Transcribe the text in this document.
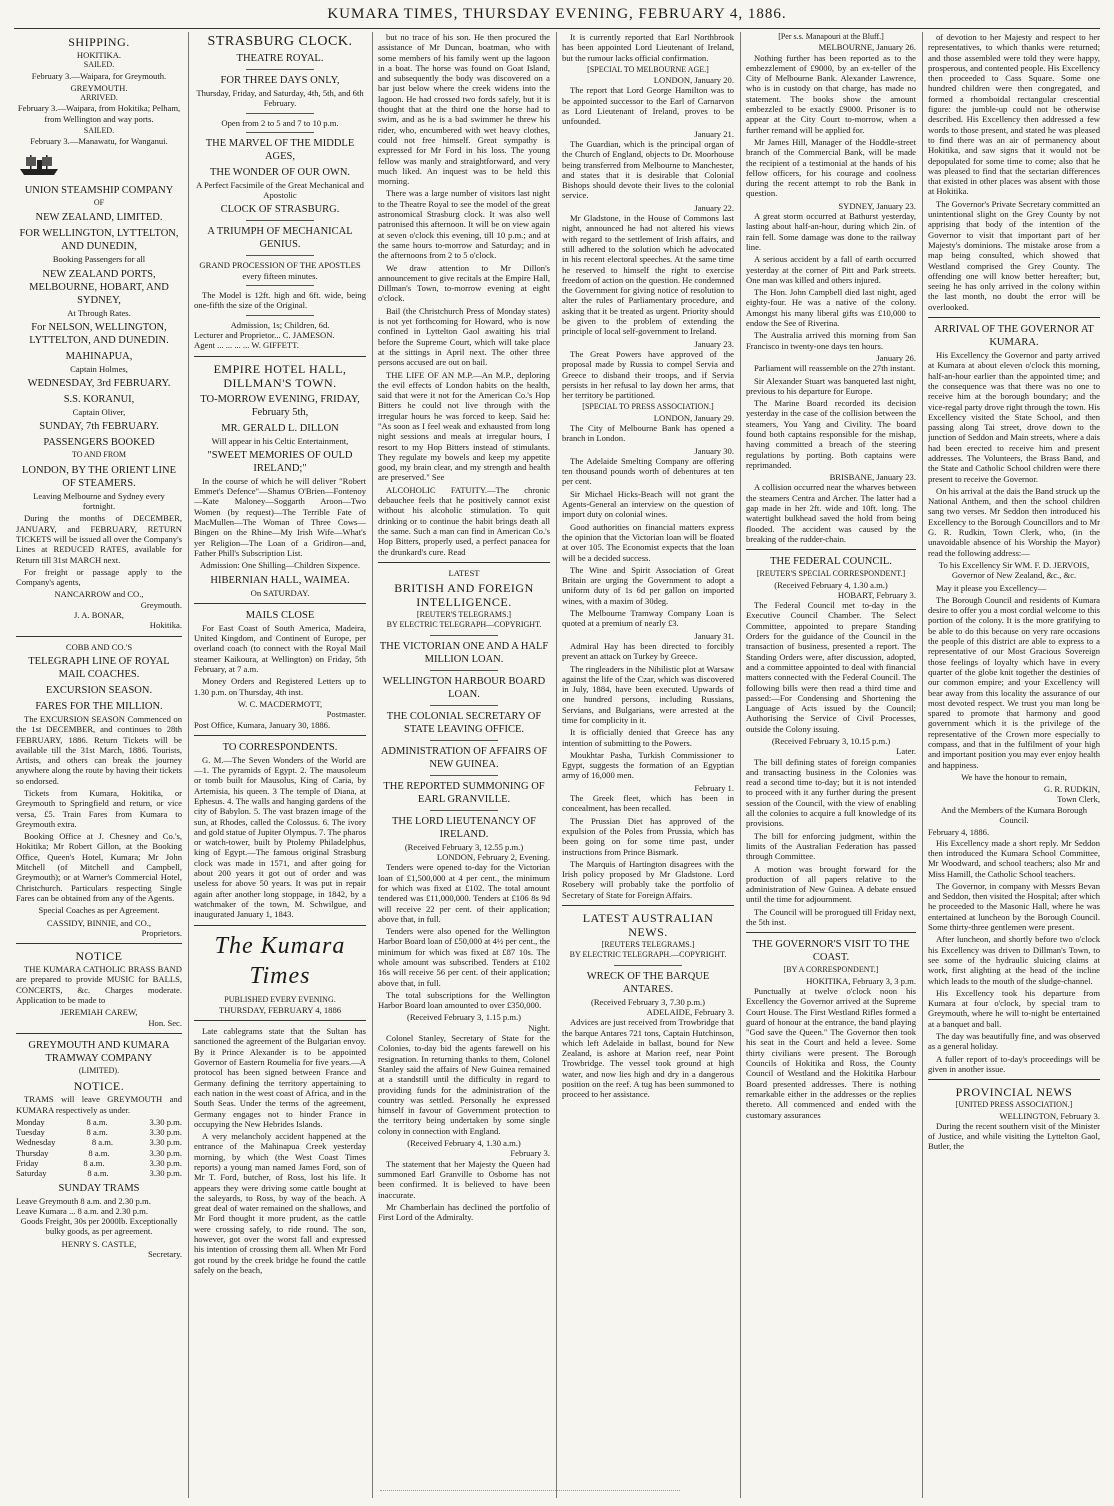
KUMARA TIMES, THURSDAY EVENING, FEBRUARY 4, 1886.
SHIPPING.
HOKITIKA.
SAILED.

February 3.—Waipara, for Greymouth.

GREYMOUTH.
ARRIVED.

February 3.—Waipara, from Hokitika; Pelham, from Wellington and way ports.

SAILED.

February 3.—Manawatu, for Wanganui.

UNION STEAMSHIP COMPANY
OF
NEW ZEALAND, LIMITED.
FOR WELLINGTON, LYTTELTON, AND DUNEDIN,
Booking Passengers for all
NEW ZEALAND PORTS, MELBOURNE, HOBART, AND SYDNEY,
At Through Rates.
For NELSON, WELLINGTON, LYTTELTON, AND DUNEDIN.
MAHINAPUA,
Captain Holmes,
WEDNESDAY, 3rd FEBRUARY.
S.S. KORANUI,
Captain Oliver,
SUNDAY, 7th FEBRUARY.
PASSENGERS BOOKED
TO AND FROM
LONDON, BY THE ORIENT LINE OF STEAMERS.

Leaving Melbourne and Sydney every fortnight.

During the months of DECEMBER, JANUARY, and FEBRUARY, RETURN TICKETS will be issued all over the Company's Lines at REDUCED RATES, available for Return till 31st MARCH next.

For freight or passage apply to the Company's agents,

NANCARROW and CO.,
Greymouth.
J. A. BONAR,
Hokitika.
COBB AND CO.'S
TELEGRAPH LINE OF ROYAL MAIL COACHES.
EXCURSION SEASON.
FARES FOR THE MILLION.

The EXCURSION SEASON Commenced on the 1st DECEMBER, and continues to 28th FEBRUARY, 1886. Return Tickets will be available till the 31st March, 1886. Tourists, Artists, and others can break the journey anywhere along the route by having their tickets so endorsed.

Tickets from Kumara, Hokitika, or Greymouth to Springfield and return, or vice versa, £5. Train Fares from Kumara to Greymouth extra.

Booking Office at J. Chesney and Co.'s, Hokitika; Mr Robert Gillon, at the Booking Office, Queen's Hotel, Kumara; Mr John Mitchell (of Mitchell and Campbell, Greymouth); or at Warner's Commercial Hotel, Christchurch. Particulars respecting Single Fares can be obtained from any of the Agents.

Special Coaches as per Agreement.

CASSIDY, BINNIE, and CO.,
Proprietors.
NOTICE

THE KUMARA CATHOLIC BRASS BAND are prepared to provide MUSIC for BALLS, CONCERTS, &c. Charges moderate. Application to be made to

JEREMIAH CAREW,
Hon. Sec.
GREYMOUTH AND KUMARA TRAMWAY COMPANY
(LIMITED).
NOTICE.

TRAMS will leave GREYMOUTH and KUMARA respectively as under.

Monday	8 a.m.	3.30 p.m.
Tuesday	8 a.m.	3.30 p.m.
Wednesday	8 a.m.	3.30 p.m.
Thursday	8 a.m.	3.30 p.m.
Friday	8 a.m.	3.30 p.m.
Saturday	8 a.m.	3.30 p.m.
SUNDAY TRAMS
Leave Greymouth 8 a.m. and 2.30 p.m.
Leave Kumara ... 8 a.m. and 2.30 p.m.

Goods Freight, 30s per 2000lb. Exceptionally bulky goods, as per agreement.

HENRY S. CASTLE,
Secretary.
STRASBURG CLOCK.
THEATRE ROYAL.
FOR THREE DAYS ONLY,

Thursday, Friday, and Saturday, 4th, 5th, and 6th February.

Open from 2 to 5 and 7 to 10 p.m.
THE MARVEL OF THE MIDDLE AGES,
THE WONDER OF OUR OWN.

A Perfect Facsimile of the Great Mechanical and Apostolic

CLOCK OF STRASBURG.
A TRIUMPH OF MECHANICAL GENIUS.

GRAND PROCESSION OF THE APOSTLES every fifteen minutes.

The Model is 12ft. high and 6ft. wide, being one-fifth the size of the Original.

Admission, 1s; Children, 6d.
Lecturer and Proprietor... C. JAMESON.
Agent ... ... ... ... W. GIFFETT.
EMPIRE HOTEL HALL, DILLMAN'S TOWN.
TO-MORROW EVENING, FRIDAY, February 5th,
MR. GERALD L. DILLON

Will appear in his Celtic Entertainment,

"SWEET MEMORIES OF OULD IRELAND;"

In the course of which he will deliver "Robert Emmet's Defence"—Shamus O'Brien—Fontenoy—Kate Maloney—Soggarth Aroon—Two Women (by request)—The Terrible Fate of MacMullen—The Woman of Three Cows—Bingen on the Rhine—My Irish Wife—What's yer Religion—The Loan of a Gridiron—and, Father Phill's Subscription List.

Admission: One Shilling—Children Sixpence.

HIBERNIAN HALL, WAIMEA.
On SATURDAY.
MAILS CLOSE

For East Coast of South America, Madeira, United Kingdom, and Continent of Europe, per overland coach (to connect with the Royal Mail steamer Kaikoura, at Wellington) on Friday, 5th February, at 7 a.m.

Money Orders and Registered Letters up to 1.30 p.m. on Thursday, 4th inst.

W. C. MACDERMOTT,
Postmaster.
Post Office, Kumara, January 30, 1886.
TO CORRESPONDENTS.

G. M.—The Seven Wonders of the World are—1. The pyramids of Egypt. 2. The mausoleum or tomb built for Mausolus, King of Caria, by Artemisia, his queen. 3 The temple of Diana, at Ephesus. 4. The walls and hanging gardens of the city of Babylon. 5. The vast brazen image of the sun, at Rhodes, called the Colossus. 6. The ivory and gold statue of Jupiter Olympus. 7. The pharos or watch-tower, built by Ptolemy Philadelphus, king of Egypt.—The famous original Strasburg clock was made in 1571, and after going for about 200 years it got out of order and was useless for above 50 years. It was put in repair again after another long stoppage, in 1842, by a watchmaker of the town, M. Schwilgue, and inaugurated January 1, 1843.

The Kumara Times
PUBLISHED EVERY EVENING.
THURSDAY, FEBRUARY 4, 1886

Late cablegrams state that the Sultan has sanctioned the agreement of the Bulgarian envoy. By it Prince Alexander is to be appointed Governor of Eastern Roumelia for five years.—A protocol has been signed between France and Germany defining the territory appertaining to each nation in the west coast of Africa, and in the South Seas. Under the terms of the agreement, Germany engages not to hinder France in occupying the New Hebrides Islands.

A very melancholy accident happened at the entrance of the Mahinapua Creek yesterday morning, by which (the West Coast Times reports) a young man named James Ford, son of Mr T. Ford, butcher, of Ross, lost his life. It appears they were driving some cattle bought at the saleyards, to Ross, by way of the beach. A great deal of water remained on the shallows, and Mr Ford thought it more prudent, as the cattle were crossing safely, to ride round. The son, however, got over the worst fall and expressed his intention of crossing them all. When Mr Ford got round by the creek bridge he found the cattle safely on the beach,

but no trace of his son. He then procured the assistance of Mr Duncan, boatman, who with some members of his family went up the lagoon in a boat. The horse was found on Goat Island, and subsequently the body was discovered on a bar just below where the creek widens into the lagoon. He had crossed two fords safely, but it is thought that at the third one the horse had to swim, and as he is a bad swimmer he threw his rider, who, encumbered with wet heavy clothes, could not free himself. Great sympathy is expressed for Mr Ford in his loss. The young fellow was manly and straightforward, and very much liked. An inquest was to be held this morning.

There was a large number of visitors last night to the Theatre Royal to see the model of the great astronomical Strasburg clock. It was also well patronised this afternoon. It will be on view again at seven o'clock this evening, till 10 p.m.; and at the same hours to-morrow and Saturday; and in the afternoons from 2 to 5 o'clock.

We draw attention to Mr Dillon's announcement to give recitals at the Empire Hall, Dillman's Town, to-morrow evening at eight o'clock.

Bail (the Christchurch Press of Monday states) is not yet forthcoming for Howard, who is now confined in Lyttelton Gaol awaiting his trial before the Supreme Court, which will take place at the sittings in April next. The other three persons accused are out on bail.

THE LIFE OF AN M.P.—An M.P., deploring the evil effects of London habits on the health, said that were it not for the American Co.'s Hop Bitters he could not live through with the irregular hours he was forced to keep. Said he: "As soon as I feel weak and exhausted from long night sessions and meals at irregular hours, I resort to my Hop Bitters instead of stimulants. They regulate my bowels and keep my appetite good, my brain clear, and my strength and health are preserved." See

ALCOHOLIC FATUITY.—The chronic debauchee feels that he positively cannot exist without his alcoholic stimulation. To quit drinking or to continue the habit brings death all the same. Such a man can find in American Co.'s Hop Bitters, properly used, a perfect panacea for the drunkard's cure. Read

LATEST
BRITISH AND FOREIGN INTELLIGENCE.
[REUTER'S TELEGRAMS.]
BY ELECTRIC TELEGRAPH—COPYRIGHT.
THE VICTORIAN ONE AND A HALF MILLION LOAN.
WELLINGTON HARBOUR BOARD LOAN.
THE COLONIAL SECRETARY OF STATE LEAVING OFFICE.
ADMINISTRATION OF AFFAIRS OF NEW GUINEA.
THE REPORTED SUMMONING OF EARL GRANVILLE.
THE LORD LIEUTENANCY OF IRELAND.
(Received February 3, 12.55 p.m.)
LONDON, February 2, Evening.

Tenders were opened to-day for the Victorian loan of £1,500,000 at 4 per cent., the minimum for which was fixed at £102. The total amount tendered was £11,000,000. Tenders at £106 8s 9d will receive 22 per cent. of their application; above that, in full.

Tenders were also opened for the Wellington Harbor Board loan of £50,000 at 4½ per cent., the minimum for which was fixed at £87 10s. The whole amount was subscribed. Tenders at £102 16s will receive 56 per cent. of their application; above that, in full.

The total subscriptions for the Wellington Harbor Board loan amounted to over £350,000.

(Received February 3, 1.15 p.m.)
Night.

Colonel Stanley, Secretary of State for the Colonies, to-day bid the agents farewell on his resignation. In returning thanks to them, Colonel Stanley said the affairs of New Guinea remained at a standstill until the difficulty in regard to providing funds for the administration of the country was settled. Personally he expressed himself in favour of Government protection to the territory being undertaken by some single colony in connection with England.

(Received February 4, 1.30 a.m.)
February 3.

The statement that her Majesty the Queen had summoned Earl Granville to Osborne has not been confirmed. It is believed to have been inaccurate.

Mr Chamberlain has declined the portfolio of First Lord of the Admiralty.

It is currently reported that Earl Northbrook has been appointed Lord Lieutenant of Ireland, but the rumour lacks official confirmation.

[SPECIAL TO MELBOURNE AGE.]
LONDON, January 20.

The report that Lord George Hamilton was to be appointed successor to the Earl of Carnarvon as Lord Lieutenant of Ireland, proves to be unfounded.

January 21.

The Guardian, which is the principal organ of the Church of England, objects to Dr. Moorhouse being transferred from Melbourne to Manchester, and states that it is desirable that Colonial Bishops should devote their lives to the colonial service.

January 22.

Mr Gladstone, in the House of Commons last night, announced he had not altered his views with regard to the settlement of Irish affairs, and still adhered to the solution which he advocated in his recent electoral speeches. At the same time he reserved to himself the right to exercise freedom of action on the question. He condemned the Government for giving notice of resolution to alter the rules of Parliamentary procedure, and asking that it be treated as urgent. Priority should be given to the problem of extending the principle of local self-government to Ireland.

January 23.

The Great Powers have approved of the proposal made by Russia to compel Servia and Greece to disband their troops, and if Servia persists in her refusal to lay down her arms, that her territory be partitioned.

[SPECIAL TO PRESS ASSOCIATION.]
LONDON, January 29.

The City of Melbourne Bank has opened a branch in London.

January 30.

The Adelaide Smelting Company are offering ten thousand pounds worth of debentures at ten per cent.

Sir Michael Hicks-Beach will not grant the Agents-General an interview on the question of import duty on colonial wines.

Good authorities on financial matters express the opinion that the Victorian loan will be floated at over 105. The Economist expects that the loan will be a decided success.

The Wine and Spirit Association of Great Britain are urging the Government to adopt a uniform duty of 1s 6d per gallon on imported wines, with a maxim of 30deg.

The Melbourne Tramway Company Loan is quoted at a premium of nearly £3.

January 31.

Admiral Hay has been directed to forcibly prevent an attack on Turkey by Greece.

The ringleaders in the Nihilistic plot at Warsaw against the life of the Czar, which was discovered in July, 1884, have been executed. Upwards of one hundred persons, including Russians, Servians, and Bulgarians, were arrested at the time for complicity in it.

It is officially denied that Greece has any intention of submitting to the Powers.

Moukhtar Pasha, Turkish Commissioner to Egypt, suggests the formation of an Egyptian army of 16,000 men.

February 1.

The Greek fleet, which has been in concealment, has been recalled.

The Prussian Diet has approved of the expulsion of the Poles from Prussia, which has been going on for some time past, under instructions from Prince Bismark.

The Marquis of Hartington disagrees with the Irish policy proposed by Mr Gladstone. Lord Rosebery will probably take the portfolio of Secretary of State for Foreign Affairs.

LATEST AUSTRALIAN NEWS.
[REUTERS TELEGRAMS.]
BY ELECTRIC TELEGRAPH.—COPYRIGHT.
WRECK OF THE BARQUE ANTARES.
(Received February 3, 7.30 p.m.)
ADELAIDE, February 3.

Advices are just received from Trowbridge that the barque Antares 721 tons, Captain Hutchinson, which left Adelaide in ballast, bound for New Zealand, is ashore at Marion reef, near Point Trowbridge. The vessel took ground at high water, and now lies high and dry in a dangerous position on the reef. A tug has been summoned to proceed to her assistance.

[Per s.s. Manapouri at the Bluff.]
MELBOURNE, January 26.

Nothing further has been reported as to the embezzlement of £9000, by an ex-teller of the City of Melbourne Bank. Alexander Lawrence, who is in custody on that charge, has made no statement. The books show the amount embezzled to be exactly £9000. Prisoner is to appear at the City Court to-morrow, when a further remand will be applied for.

Mr James Hill, Manager of the Hoddle-street branch of the Commercial Bank, will be made the recipient of a testimonial at the hands of his fellow officers, for his courage and coolness during the recent attempt to rob the Bank in question.

SYDNEY, January 23.

A great storm occurred at Bathurst yesterday, lasting about half-an-hour, during which 2in. of rain fell. Some damage was done to the railway line.

A serious accident by a fall of earth occurred yesterday at the corner of Pitt and Park streets. One man was killed and others injured.

The Hon. John Campbell died last night, aged eighty-four. He was a native of the colony. Amongst his many liberal gifts was £10,000 to endow the See of Riverina.

The Australia arrived this morning from San Francisco in twenty-one days ten hours.

January 26.

Parliament will reassemble on the 27th instant.

Sir Alexander Stuart was banqueted last night, previous to his departure for Europe.

The Marine Board recorded its decision yesterday in the case of the collision between the steamers, You Yang and Civility. The board found both captains responsible for the mishap, having committed a breach of the steering regulations by porting. Both captains were reprimanded.

BRISBANE, January 23.

A collision occurred near the wharves between the steamers Centra and Archer. The latter had a gap made in her 2ft. wide and 10ft. long. The watertight bulkhead saved the hold from being flooded. The accident was caused by the breaking of the rudder-chain.

THE FEDERAL COUNCIL.
[REUTER'S SPECIAL CORRESPONDENT.]
(Received February 4, 1.30 a.m.)
HOBART, February 3.

The Federal Council met to-day in the Executive Council Chamber. The Select Committee, appointed to prepare Standing Orders for the guidance of the Council in the transaction of business, presented a report. The Standing Orders were, after discussion, adopted, and a committee appointed to deal with financial matters connected with the Federal Council. The following bills were then read a third time and passed:—For Condensing and Shortening the Language of Acts issued by the Council; Authorising the Service of Civil Processes, outside the Colony issuing.

(Received February 3, 10.15 p.m.)
Later.

The bill defining states of foreign companies and transacting business in the Colonies was read a second time to-day; but it is not intended to proceed with it any further during the present session of the Council, with the view of enabling all the colonies to acquire a full knowledge of its provisions.

The bill for enforcing judgment, within the limits of the Australian Federation has passed through Committee.

A motion was brought forward for the production of all papers relative to the administration of New Guinea. A debate ensued until the time for adjournment.

The Council will be prorogued till Friday next, the 5th inst.

THE GOVERNOR'S VISIT TO THE COAST.
[BY A CORRESPONDENT.]
HOKITIKA, February 3, 3 p.m.

Punctually at twelve o'clock noon his Excellency the Governor arrived at the Supreme Court House. The First Westland Rifles formed a guard of honour at the entrance, the band playing "God save the Queen." The Governor then took his seat in the Court and held a levee. Some thirty civilians were present. The Borough Councils of Hokitika and Ross, the County Council of Westland and the Hokitika Harbour Board presented addresses. There is nothing remarkable either in the addresses or the replies thereto. All commenced and ended with the customary assurances

of devotion to her Majesty and respect to her representatives, to which thanks were returned; and those assembled were told they were happy, prosperous, and contented people. His Excellency then proceeded to Cass Square. Some one hundred children were then congregated, and formed a rhomboidal rectangular crescential figure: the jumble-up could not be otherwise described. His Excellency then addressed a few words to those present, and stated he was pleased to find there was an air of permanency about Hokitika, and saw signs that it would not be depopulated for some time to come; also that he was pleased to find that the sectarian differences that existed in other places was absent with those at Hokitika.

The Governor's Private Secretary committed an unintentional slight on the Grey County by not apprising that body of the intention of the Governor to visit that important part of her Majesty's dominions. The mistake arose from a map being consulted, which showed that Westland comprised the Grey County. The offending one will know better hereafter; but, seeing he has only arrived in the colony within the last month, no doubt the error will be overlooked.

ARRIVAL OF THE GOVERNOR AT KUMARA.

His Excellency the Governor and party arrived at Kumara at about eleven o'clock this morning, half-an-hour earlier than the appointed time; and the consequence was that there was no one to receive him at the borough boundary; and the vice-regal party drove right through the town. His Excellency visited the State School, and then passing along Tai street, drove down to the junction of Seddon and Main streets, where a dais had been erected to receive him and present addresses. The Volunteers, the Brass Band, and the State and Catholic School children were there present to receive the Governor.

On his arrival at the dais the Band struck up the National Anthem, and then the school children sang two verses. Mr Seddon then introduced his Excellency to the Borough Councillors and to Mr G. R. Rudkin, Town Clerk, who, (in the unavoidable absence of his Worship the Mayor) read the following address:—

To his Excellency Sir WM. F. D. JERVOIS, Governor of New Zealand, &c., &c.

May it please you Excellency—

The Borough Council and residents of Kumara desire to offer you a most cordial welcome to this portion of the colony. It is the more gratifying to be able to do this because on very rare occasions the people of this district are able to express to a representative of our Most Gracious Sovereign those feelings of loyalty which have in every quarter of the globe knit together the destinies of our common empire; and your Excellency will bear away from this locality the assurance of our most devoted respect. We trust you man long be spared to promote that harmony and good government which it is the privilege of the representative of the Crown more especially to compass, and that in the fulfilment of your high and important position you may ever enjoy health and happiness.

We have the honour to remain,

G. R. RUDKIN,
Town Clerk,

And the Members of the Kumara Borough Council.

February 4, 1886.

His Excellency made a short reply. Mr Seddon then introduced the Kumara School Committee, Mr Woodward, and school teachers; also Mr and Miss Hamill, the Catholic School teachers.

The Governor, in company with Messrs Bevan and Seddon, then visited the Hospital; after which he proceeded to the Masonic Hall, where he was entertained at luncheon by the Borough Council. Some thirty-three gentlemen were present.

After luncheon, and shortly before two o'clock his Excellency was driven to Dillman's Town, to see some of the hydraulic sluicing claims at work, first alighting at the head of the incline which leads to the mouth of the sludge-channel.

His Excellency took his departure from Kumara at four o'clock, by special tram to Greymouth, where he will to-night be entertained at a banquet and ball.

The day was beautifully fine, and was observed as a general holiday.

A fuller report of to-day's proceedings will be given in another issue.

PROVINCIAL NEWS
[UNITED PRESS ASSOCIATION.]
WELLINGTON, February 3.

During the recent southern visit of the Minister of Justice, and while visiting the Lyttelton Gaol, Butler, the
